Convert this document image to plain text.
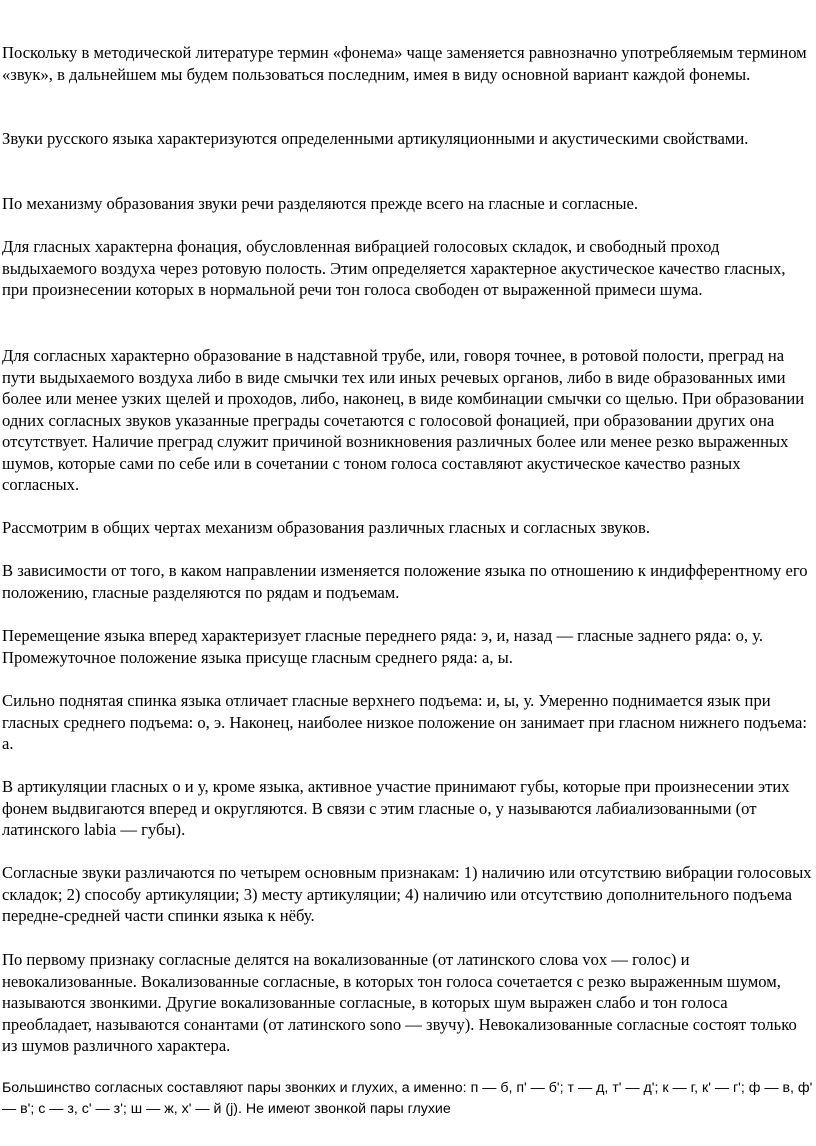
Поскольку в методической литературе термин «фонема» чаще заменяется равнозначно употребляемым термином «звук», в дальнейшем мы будем пользоваться последним, имея в виду основной вариант каждой фонемы.

Звуки русского языка характеризуются определенными артикуляционными и акустическими свойствами.

По механизму образования звуки речи разделяются прежде всего на гласные и согласные.

Для гласных характерна фонация, обусловленная вибрацией голосовых складок, и свободный проход выдыхаемого воздуха через ротовую полость. Этим определяется характерное акустическое качество гласных, при произнесении которых в нормальной речи тон голоса свободен от выраженной примеси шума.

Для согласных характерно образование в надставной трубе, или, говоря точнее, в ротовой полости, преград на пути выдыхаемого воздуха либо в виде смычки тех или иных речевых органов, либо в виде образованных ими более или менее узких щелей и проходов, либо, наконец, в виде комбинации смычки со щелью. При образовании одних согласных звуков указанные преграды сочетаются с голосовой фонацией, при образовании других она отсутствует. Наличие преград служит причиной возникновения различных более или менее резко выраженных шумов, которые сами по себе или в сочетании с тоном голоса составляют акустическое качество разных согласных.

Рассмотрим в общих чертах механизм образования различных гласных и согласных звуков.

В зависимости от того, в каком направлении изменяется положение языка по отношению к индифферентному его положению, гласные разделяются по рядам и подъемам.

Перемещение языка вперед характеризует гласные переднего ряда: э, и, назад — гласные заднего ряда: о, у. Промежуточное положение языка присуще гласным среднего ряда: а, ы.

Сильно поднятая спинка языка отличает гласные верхнего подъема: и, ы, у. Умеренно поднимается язык при гласных среднего подъема: о, э. Наконец, наиболее низкое положение он занимает при гласном нижнего подъема: а.

В артикуляции гласных о и у, кроме языка, активное участие принимают губы, которые при произнесении этих фонем выдвигаются вперед и округляются. В связи с этим гласные о, у называются лабиализованными (от латинского labia — губы).

Согласные звуки различаются по четырем основным признакам: 1) наличию или отсутствию вибрации голосовых складок; 2) способу артикуляции; 3) месту артикуляции; 4) наличию или отсутствию дополнительного подъема передне-средней части спинки языка к нёбу.

По первому признаку согласные делятся на вокализованные (от латинского слова vox — голос) и невокализованные. Вокализованные согласные, в которых тон голоса сочетается с резко выраженным шумом, называются звонкими. Другие вокализованные согласные, в которых шум выражен слабо и тон голоса преобладает, называются сонантами (от латинского sono — звучу). Невокализованные согласные состоят только из шумов различного характера.

Большинство согласных составляют пары звонких и глухих, а именно: п — б, п' — б'; т — д, т' — д'; к — г, к' — г'; ф — в, ф' — в'; с — з, с' — з'; ш — ж, х' — й (j). Не имеют звонкой пары глухие
